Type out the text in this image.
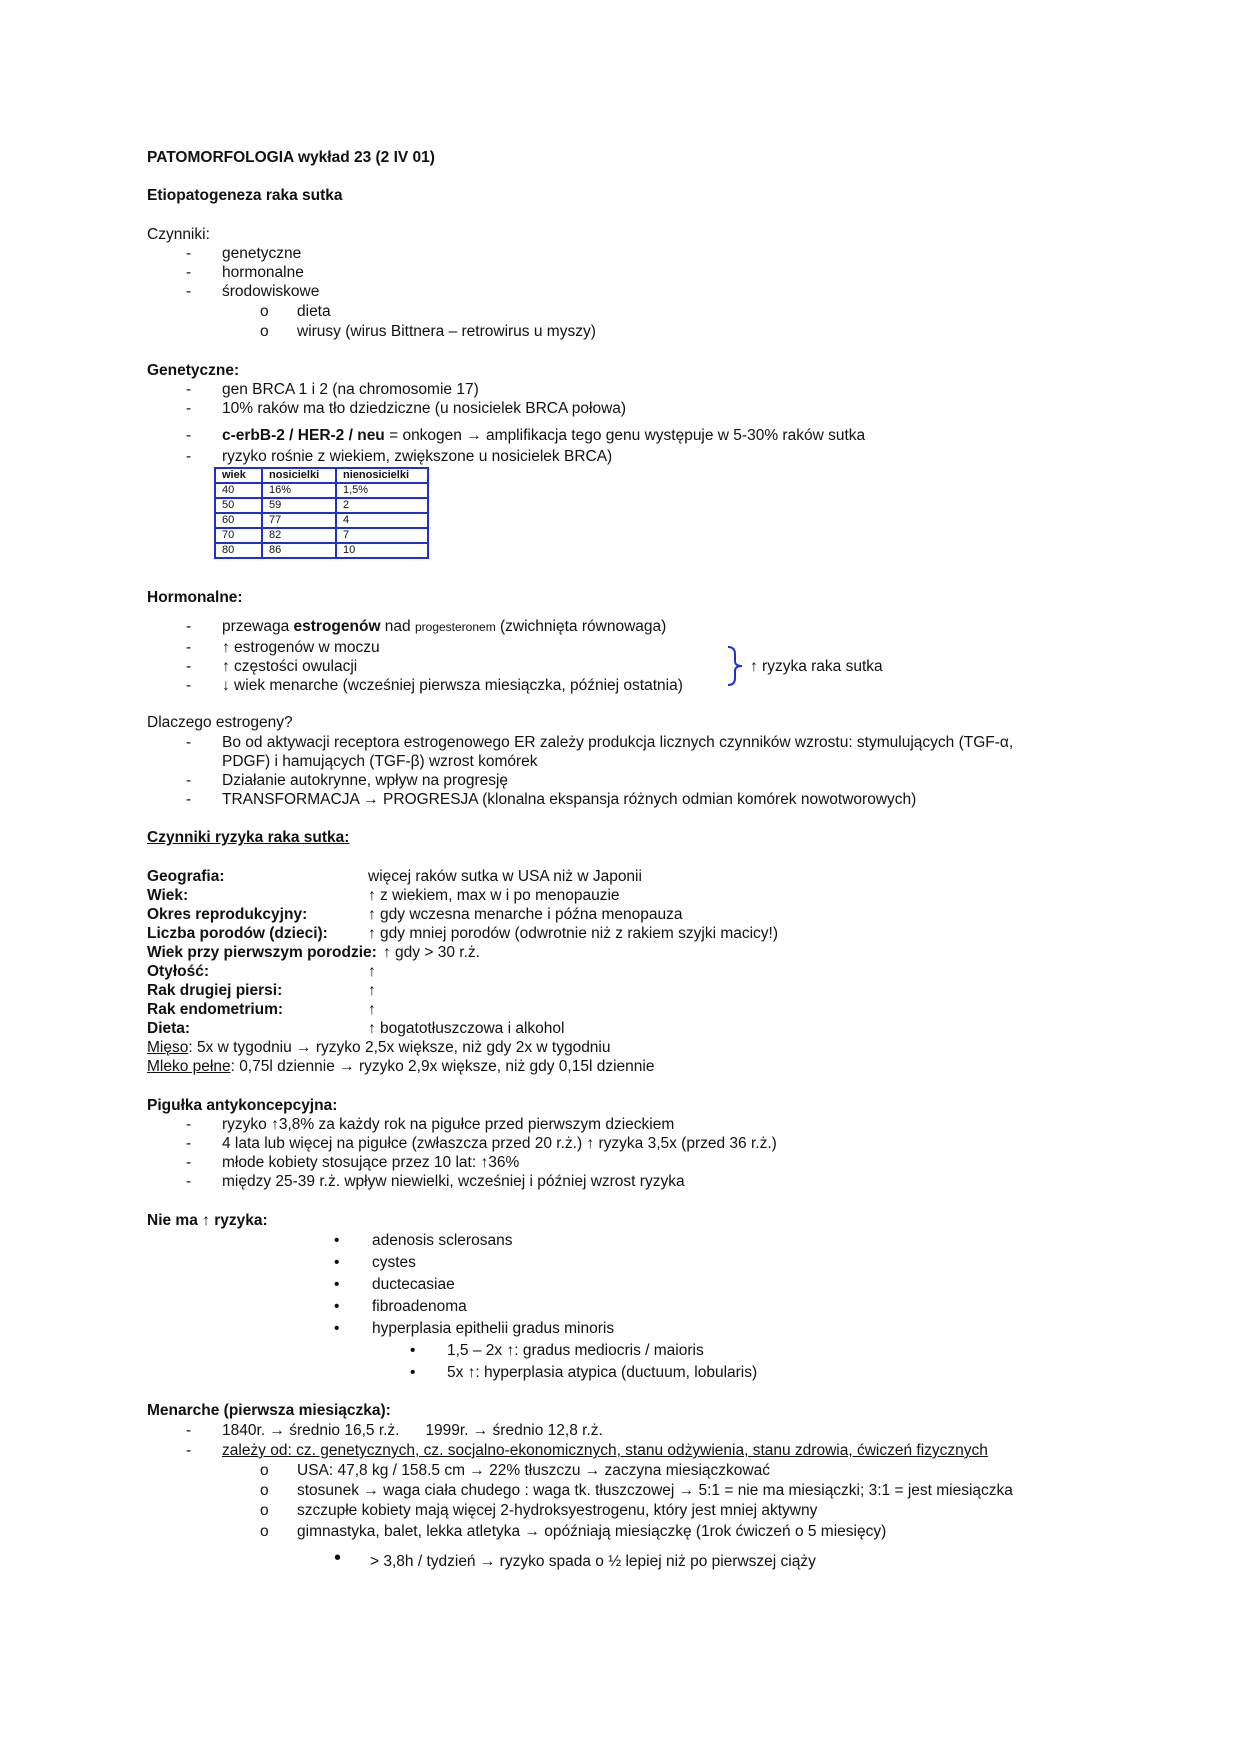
PATOMORFOLOGIA wykład 23 (2 IV 01)
Etiopatogeneza raka sutka
Czynniki:
- genetyczne
- hormonalne
- środowiskowe
o dieta
o wirusy (wirus Bittnera – retrowirus u myszy)
Genetyczne:
- gen BRCA 1 i 2 (na chromosomie 17)
- 10% raków ma tło dziedziczne (u nosicielek BRCA połowa)
- c-erbB-2 / HER-2 / neu = onkogen → amplifikacja tego genu występuje w 5-30% raków sutka
- ryzyko rośnie z wiekiem, zwiększone u nosicielek BRCA)
wiek	nosicielki	nienosicielki
40	16%	1,5%
50	59	2
60	77	4
70	82	7
80	86	10
Hormonalne:
- przewaga estrogenów nad progesteronem (zwichnięta równowaga)
- ↑ estrogenów w moczu
- ↑ częstości owulacji
- ↓ wiek menarche (wcześniej pierwsza miesiączka, później ostatnia)
↑ ryzyka raka sutka
Dlaczego estrogeny?
- Bo od aktywacji receptora estrogenowego ER zależy produkcja licznych czynników wzrostu: stymulujących (TGF-α,
PDGF) i hamujących (TGF-β) wzrost komórek
- Działanie autokrynne, wpływ na progresję
- TRANSFORMACJA → PROGRESJA (klonalna ekspansja różnych odmian komórek nowotworowych)
Czynniki ryzyka raka sutka:
Geografia:	więcej raków sutka w USA niż w Japonii
Wiek:	↑ z wiekiem, max w i po menopauzie
Okres reprodukcyjny:	↑ gdy wczesna menarche i późna menopauza
Liczba porodów (dzieci):	↑ gdy mniej porodów (odwrotnie niż z rakiem szyjki macicy!)
Wiek przy pierwszym porodzie: ↑ gdy > 30 r.ż.
Otyłość:	↑
Rak drugiej piersi:	↑
Rak endometrium:	↑
Dieta:	↑ bogatotłuszczowa i alkohol
Mięso: 5x w tygodniu → ryzyko 2,5x większe, niż gdy 2x w tygodniu
Mleko pełne: 0,75l dziennie → ryzyko 2,9x większe, niż gdy 0,15l dziennie
Pigułka antykoncepcyjna:
- ryzyko ↑3,8% za każdy rok na pigułce przed pierwszym dzieckiem
- 4 lata lub więcej na pigułce (zwłaszcza przed 20 r.ż.) ↑ ryzyka 3,5x (przed 36 r.ż.)
- młode kobiety stosujące przez 10 lat: ↑36%
- między 25-39 r.ż. wpływ niewielki, wcześniej i później wzrost ryzyka
Nie ma ↑ ryzyka:
• adenosis sclerosans
• cystes
• ductecasiae
• fibroadenoma
• hyperplasia epithelii gradus minoris
• 1,5 – 2x ↑: gradus mediocris / maioris
• 5x ↑: hyperplasia atypica (ductuum, lobularis)
Menarche (pierwsza miesiączka):
- 1840r. → średnio 16,5 r.ż.      1999r. → średnio 12,8 r.ż.
- zależy od: cz. genetycznych, cz. socjalno-ekonomicznych, stanu odżywienia, stanu zdrowia, ćwiczeń fizycznych
o USA: 47,8 kg / 158.5 cm → 22% tłuszczu → zaczyna miesiączkować
o stosunek → waga ciała chudego : waga tk. tłuszczowej → 5:1 = nie ma miesiączki; 3:1 = jest miesiączka
o szczupłe kobiety mają więcej 2-hydroksyestrogenu, który jest mniej aktywny
o gimnastyka, balet, lekka atletyka → opóźniają miesiączkę (1rok ćwiczeń o 5 miesięcy)
• > 3,8h / tydzień → ryzyko spada o ½ lepiej niż po pierwszej ciąży
